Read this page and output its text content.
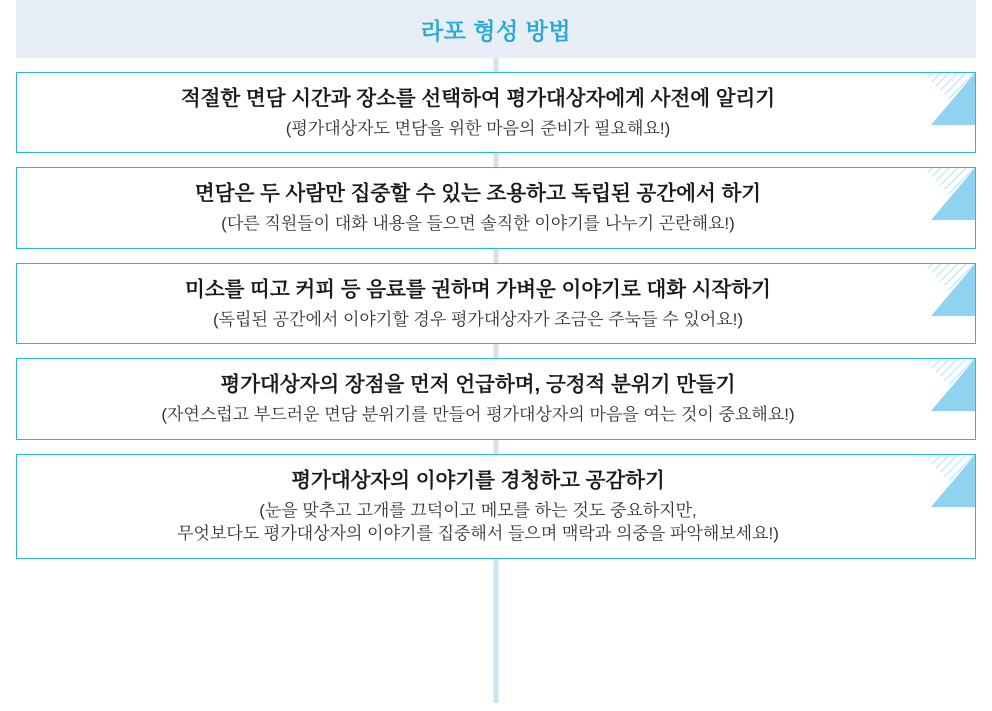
라포 형성 방법
적절한 면담 시간과 장소를 선택하여 평가대상자에게 사전에 알리기
(평가대상자도 면담을 위한 마음의 준비가 필요해요!)
면담은 두 사람만 집중할 수 있는 조용하고 독립된 공간에서 하기
(다른 직원들이 대화 내용을 들으면 솔직한 이야기를 나누기 곤란해요!)
미소를 띠고 커피 등 음료를 권하며 가벼운 이야기로 대화 시작하기
(독립된 공간에서 이야기할 경우 평가대상자가 조금은 주눅들 수 있어요!)
평가대상자의 장점을 먼저 언급하며, 긍정적 분위기 만들기
(자연스럽고 부드러운 면담 분위기를 만들어 평가대상자의 마음을 여는 것이 중요해요!)
평가대상자의 이야기를 경청하고 공감하기
(눈을 맞추고 고개를 끄덕이고 메모를 하는 것도 중요하지만,
무엇보다도 평가대상자의 이야기를 집중해서 들으며 맥락과 의중을 파악해보세요!)
